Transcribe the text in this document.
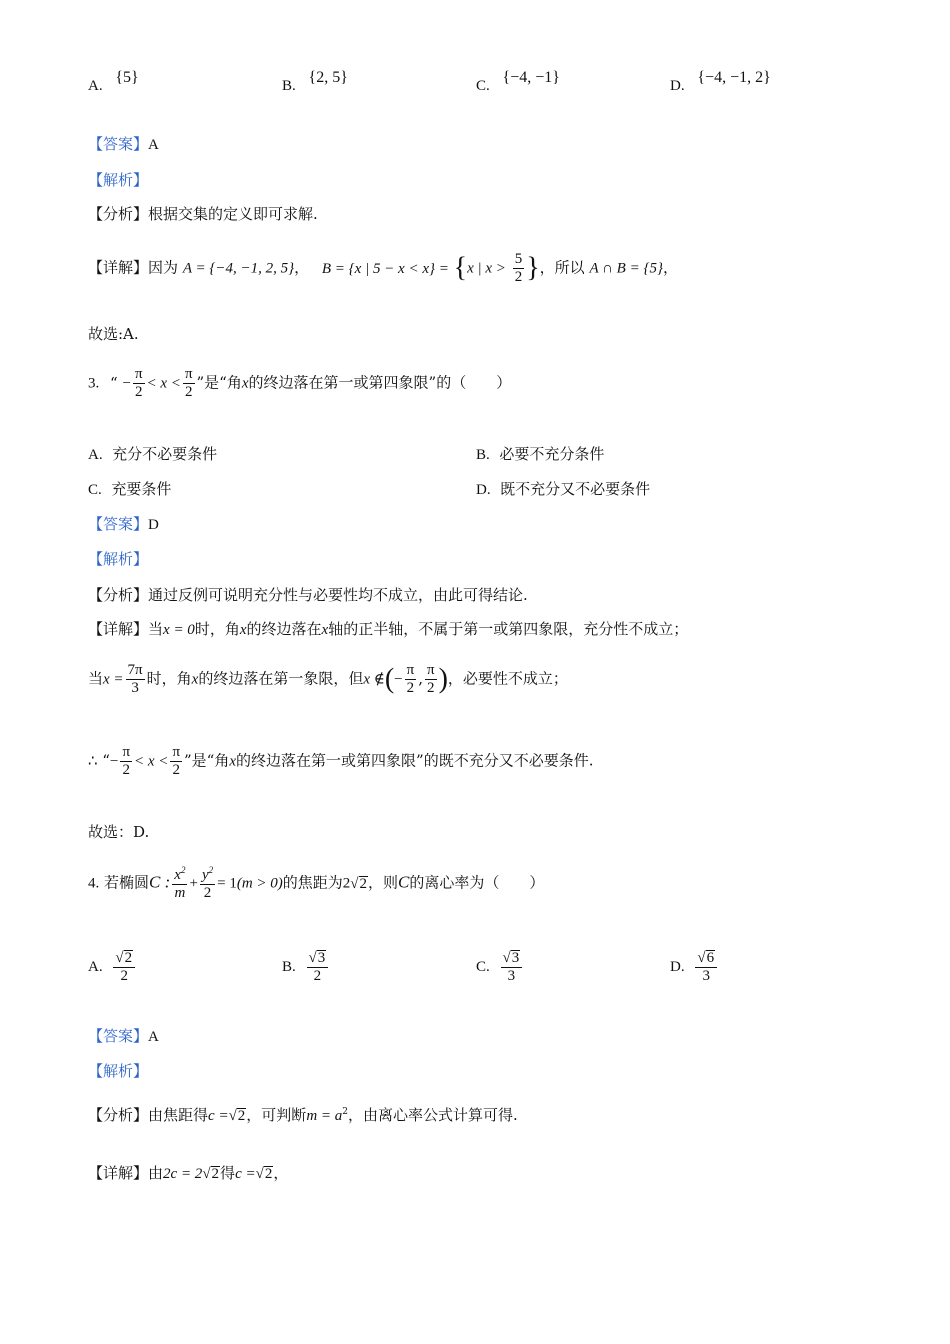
A. {5}	B. {2, 5}	C. {−4, −1}	D. {−4, −1, 2}
【答案】A
【解析】
【分析】根据交集的定义即可求解.
【详解】因为 A = {−4, −1, 2, 5}， B = {x | 5 − x < x} = {x | $x > \frac{5}{2}$ }，所以 A ∩ B = {5}，
故选:A.
3. “ − $\frac{\pi}{2} < x < \frac{\pi}{2}$ ”是“角x的终边落在第一或第四象限”的（　　）
A. 充分不必要条件	B. 必要不充分条件
C. 充要条件	D. 既不充分又不必要条件
【答案】D
【解析】
【分析】通过反例可说明充分性与必要性均不成立，由此可得结论.
【详解】当x = 0时，角x的终边落在x轴的正半轴，不属于第一或第四象限，充分性不成立；
当$x = \frac{7\pi}{3}$ 时，角x的终边落在第一象限，但x ∉(− $\frac{\pi}{2}$ , $\frac{\pi}{2}$ )，必要性不成立；
∴ “− $\frac{\pi}{2} < x < \frac{\pi}{2}$ ”是“角x的终边落在第一或第四象限”的既不充分又不必要条件.
故选：D.
4. 若椭圆C : $\frac{x^2}{m} + \frac{y^2}{2} = 1(m > 0)$的焦距为2√2，则C的离心率为（　　）
A. $\frac{√2}{2}$	B. $\frac{√3}{2}$	C. $\frac{√3}{3}$	D. $\frac{√6}{3}$
【答案】A
【解析】
【分析】由焦距得c =√2，可判断$m = a^2$，由离心率公式计算可得.
【详解】由2c = 2√2得c =√2，
